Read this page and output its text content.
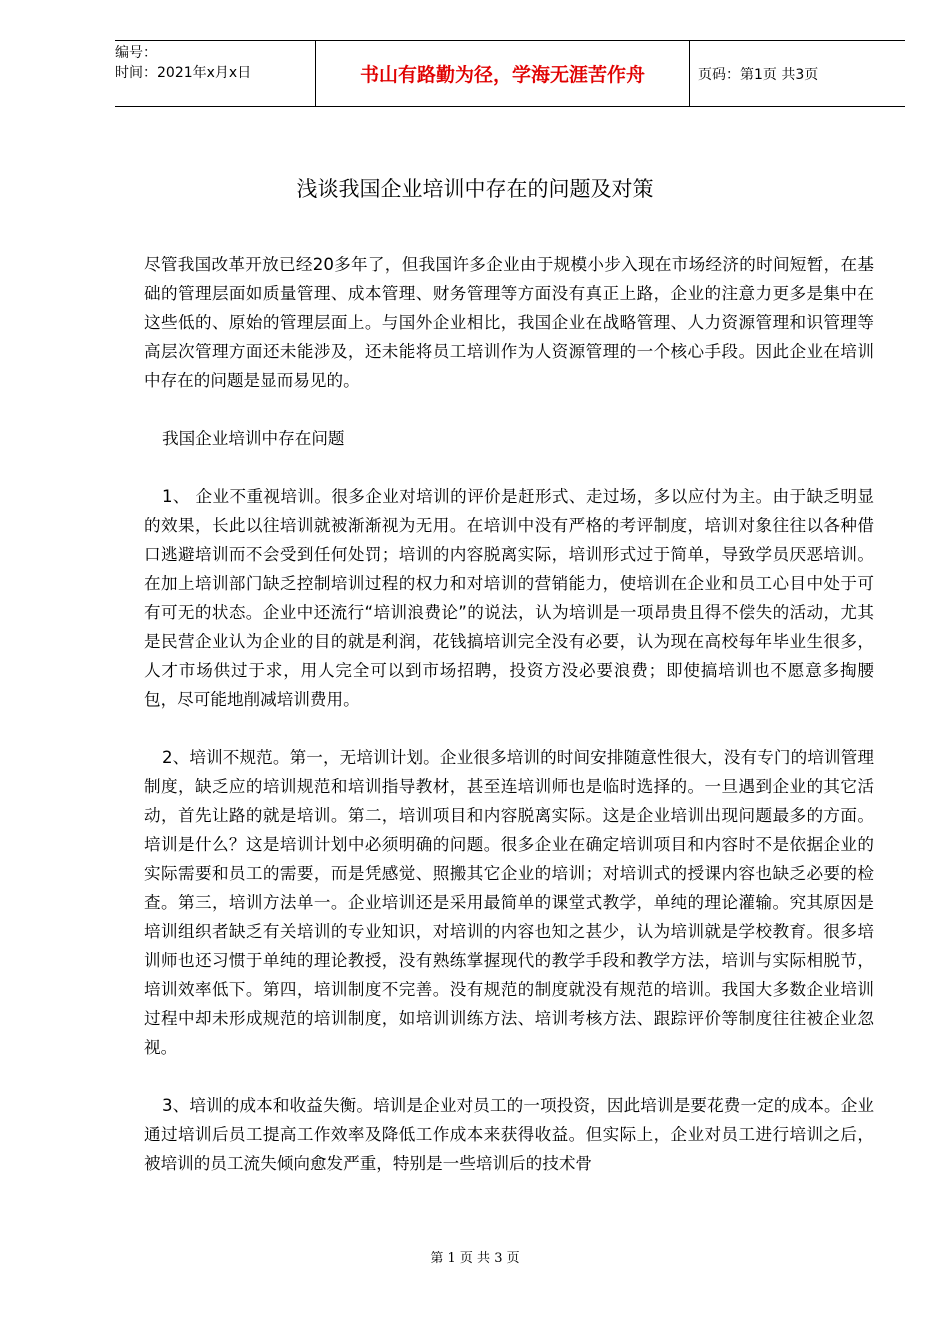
编号：
时间：2021年x月x日	书山有路勤为径，学海无涯苦作舟	页码：第1页 共3页
浅谈我国企业培训中存在的问题及对策

尽管我国改革开放已经20多年了，但我国许多企业由于规模小步入现在市场经济的时间短暂，在基础的管理层面如质量管理、成本管理、财务管理等方面没有真正上路，企业的注意力更多是集中在这些低的、原始的管理层面上。与国外企业相比，我国企业在战略管理、人力资源管理和识管理等高层次管理方面还未能涉及，还未能将员工培训作为人资源管理的一个核心手段。因此企业在培训中存在的问题是显而易见的。

我国企业培训中存在问题

1、 企业不重视培训。很多企业对培训的评价是赶形式、走过场，多以应付为主。由于缺乏明显的效果，长此以往培训就被渐渐视为无用。在培训中没有严格的考评制度，培训对象往往以各种借口逃避培训而不会受到任何处罚；培训的内容脱离实际，培训形式过于简单，导致学员厌恶培训。在加上培训部门缺乏控制培训过程的权力和对培训的营销能力，使培训在企业和员工心目中处于可有可无的状态。企业中还流行“培训浪费论”的说法，认为培训是一项昂贵且得不偿失的活动，尤其是民营企业认为企业的目的就是利润，花钱搞培训完全没有必要，认为现在高校每年毕业生很多，人才市场供过于求，用人完全可以到市场招聘，投资方没必要浪费；即使搞培训也不愿意多掏腰包，尽可能地削减培训费用。

2、培训不规范。第一，无培训计划。企业很多培训的时间安排随意性很大，没有专门的培训管理制度，缺乏应的培训规范和培训指导教材，甚至连培训师也是临时选择的。一旦遇到企业的其它活动，首先让路的就是培训。第二，培训项目和内容脱离实际。这是企业培训出现问题最多的方面。培训是什么？这是培训计划中必须明确的问题。很多企业在确定培训项目和内容时不是依据企业的实际需要和员工的需要，而是凭感觉、照搬其它企业的培训；对培训式的授课内容也缺乏必要的检查。第三，培训方法单一。企业培训还是采用最简单的课堂式教学，单纯的理论灌输。究其原因是培训组织者缺乏有关培训的专业知识，对培训的内容也知之甚少，认为培训就是学校教育。很多培训师也还习惯于单纯的理论教授，没有熟练掌握现代的教学手段和教学方法，培训与实际相脱节，培训效率低下。第四，培训制度不完善。没有规范的制度就没有规范的培训。我国大多数企业培训过程中却未形成规范的培训制度，如培训训练方法、培训考核方法、跟踪评价等制度往往被企业忽视。

3、培训的成本和收益失衡。培训是企业对员工的一项投资，因此培训是要花费一定的成本。企业通过培训后员工提高工作效率及降低工作成本来获得收益。但实际上，企业对员工进行培训之后，被培训的员工流失倾向愈发严重，特别是一些培训后的技术骨

第 1 页 共 3 页
